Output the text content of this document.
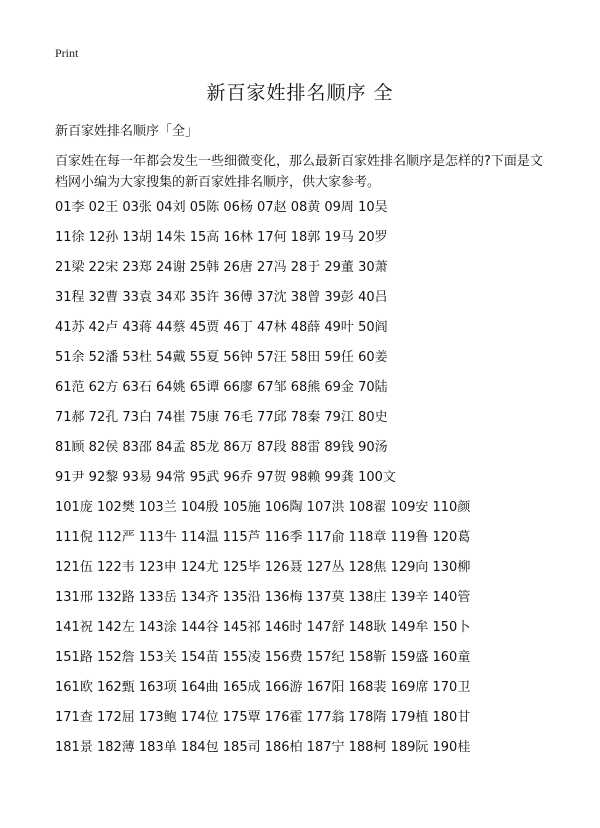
Print
新百家姓排名顺序 全
新百家姓排名顺序「全」

百家姓在每一年都会发生一些细微变化，那么最新百家姓排名顺序是怎样的?下面是文档网小编为大家搜集的新百家姓排名顺序，供大家参考。

01李 02王 03张 04刘 05陈 06杨 07赵 08黄 09周 10吴
11徐 12孙 13胡 14朱 15高 16林 17何 18郭 19马 20罗
21梁 22宋 23郑 24谢 25韩 26唐 27冯 28于 29董 30萧
31程 32曹 33袁 34邓 35许 36傅 37沈 38曾 39彭 40吕
41苏 42卢 43蒋 44蔡 45贾 46丁 47林 48薛 49叶 50阎
51余 52潘 53杜 54戴 55夏 56钟 57汪 58田 59任 60姜
61范 62方 63石 64姚 65谭 66廖 67邹 68熊 69金 70陆
71郝 72孔 73白 74崔 75康 76毛 77邱 78秦 79江 80史
81顾 82侯 83邵 84孟 85龙 86万 87段 88雷 89钱 90汤
91尹 92黎 93易 94常 95武 96乔 97贺 98赖 99龚 100文
101庞 102樊 103兰 104殷 105施 106陶 107洪 108翟 109安 110颜
111倪 112严 113牛 114温 115芦 116季 117俞 118章 119鲁 120葛
121伍 122韦 123申 124尤 125毕 126聂 127丛 128焦 129向 130柳
131邢 132路 133岳 134齐 135沿 136梅 137莫 138庄 139辛 140管
141祝 142左 143涂 144谷 145祁 146时 147舒 148耿 149牟 150卜
151路 152詹 153关 154苗 155凌 156费 157纪 158靳 159盛 160童
161欧 162甄 163项 164曲 165成 166游 167阳 168裴 169席 170卫
171查 172屈 173鲍 174位 175覃 176霍 177翁 178隋 179植 180甘
181景 182薄 183单 184包 185司 186柏 187宁 188柯 189阮 190桂
